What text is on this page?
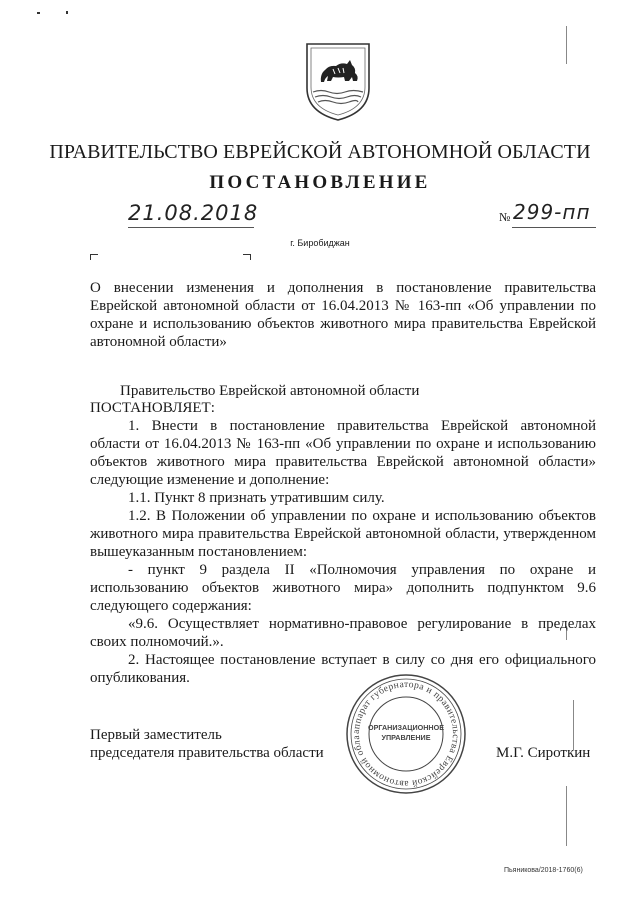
ПРАВИТЕЛЬСТВО ЕВРЕЙСКОЙ АВТОНОМНОЙ ОБЛАСТИ
ПОСТАНОВЛЕНИЕ
21.08.2018	№ 299-пп
г. Биробиджан
О внесении изменения и дополнения в постановление правительства Еврейской автономной области от 16.04.2013 № 163-пп «Об управлении по охране и использованию объектов животного мира правительства Еврейской автономной области»
Правительство Еврейской автономной области
ПОСТАНОВЛЯЕТ:
1. Внести в постановление правительства Еврейской автономной области от 16.04.2013 № 163-пп «Об управлении по охране и использованию объектов животного мира правительства Еврейской автономной области» следующие изменение и дополнение:
1.1. Пункт 8 признать утратившим силу.
1.2. В Положении об управлении по охране и использованию объектов животного мира правительства Еврейской автономной области, утвержденном вышеуказанным постановлением:
- пункт 9 раздела II «Полномочия управления по охране и использованию объектов животного мира» дополнить подпунктом 9.6 следующего содержания:
«9.6. Осуществляет нормативно-правовое регулирование в пределах своих полномочий.».
2. Настоящее постановление вступает в силу со дня его официального опубликования.
Первый заместитель
председателя правительства области	М.Г. Сироткин
аппарат губернатора и правительства Еврейской автономной обла
ОРГАНИЗАЦИОННОЕ
УПРАВЛЕНИЕ
Пьяникова/2018-1760(6)
